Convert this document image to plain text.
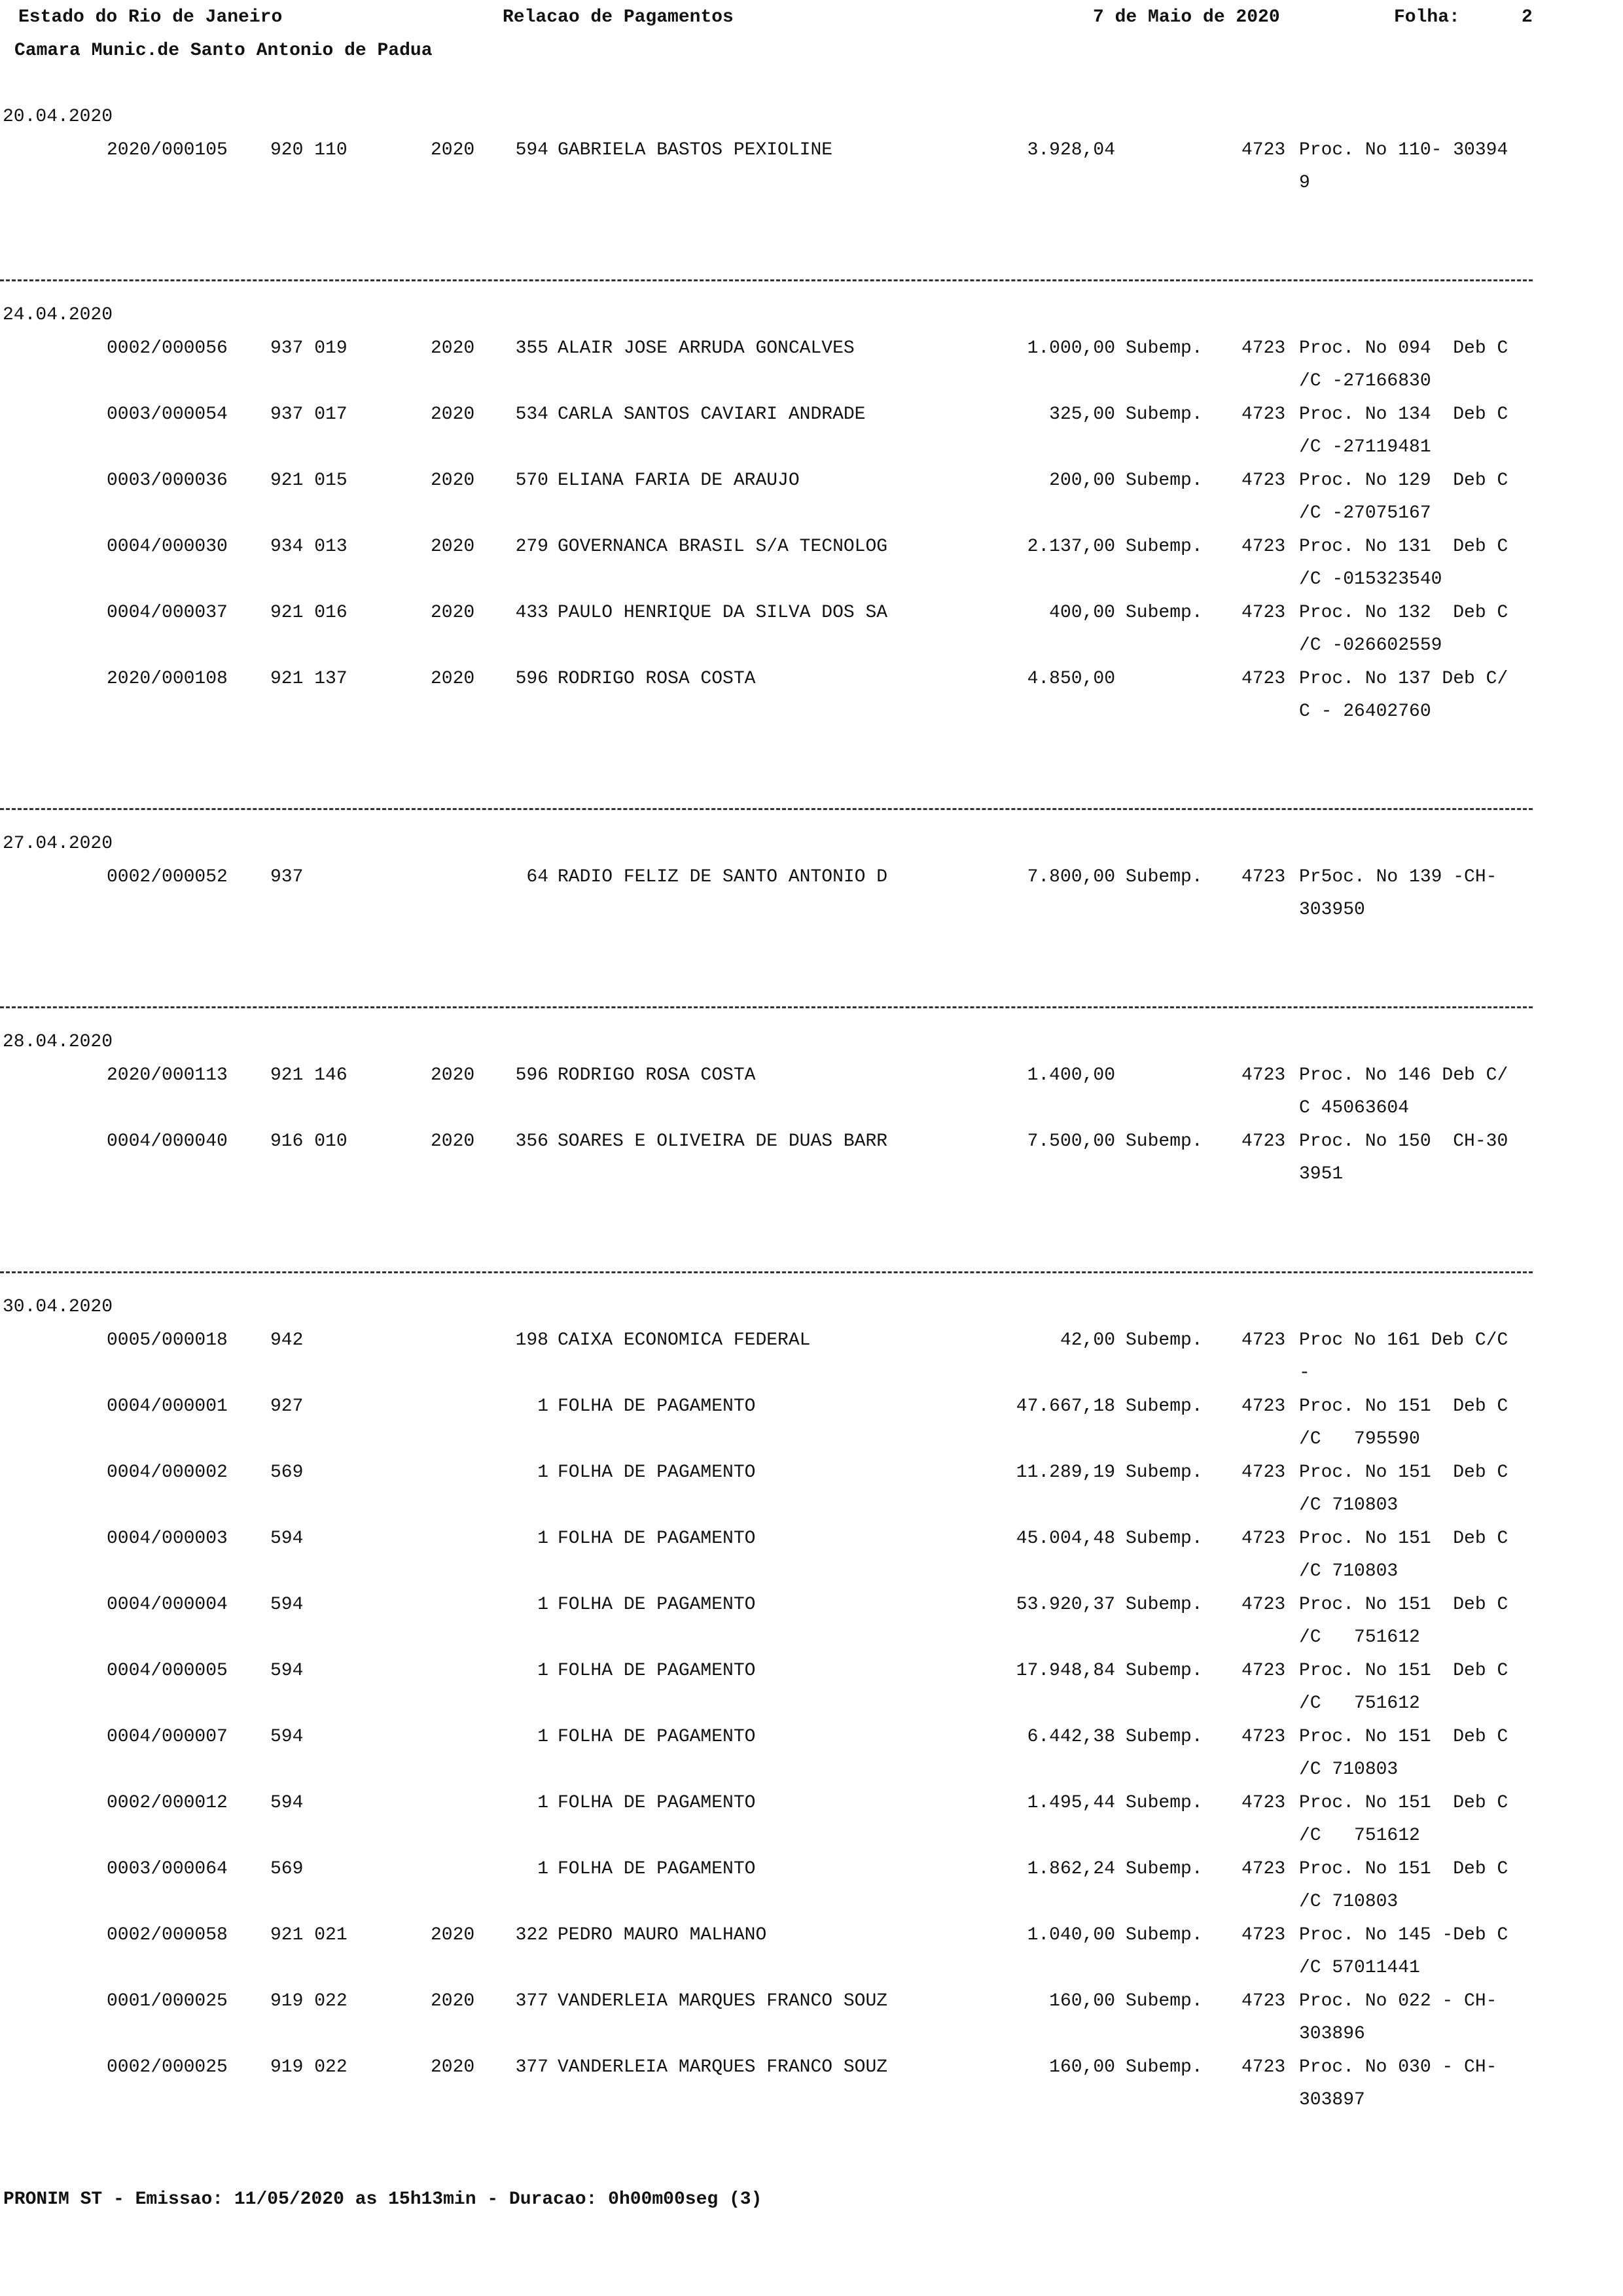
Estado do Rio de Janeiro	Relacao de Pagamentos	7 de Maio de 2020	Folha:	2
Camara Munic.de Santo Antonio de Padua
20.04.2020
2020/000105 920 110	2020 594 GABRIELA BASTOS PEXIOLINE	3.928,04	4723 Proc. No 110- 30394
9
24.04.2020
0002/000056 937 019	2020 355 ALAIR JOSE ARRUDA GONCALVES	1.000,00 Subemp. 4723 Proc. No 094  Deb C
/C -27166830
0003/000054 937 017	2020 534 CARLA SANTOS CAVIARI ANDRADE	325,00 Subemp. 4723 Proc. No 134  Deb C
/C -27119481
0003/000036 921 015	2020 570 ELIANA FARIA DE ARAUJO	200,00 Subemp. 4723 Proc. No 129  Deb C
/C -27075167
0004/000030 934 013	2020 279 GOVERNANCA BRASIL S/A TECNOLOG	2.137,00 Subemp. 4723 Proc. No 131  Deb C
/C -015323540
0004/000037 921 016	2020 433 PAULO HENRIQUE DA SILVA DOS SA	400,00 Subemp. 4723 Proc. No 132  Deb C
/C -026602559
2020/000108 921 137	2020 596 RODRIGO ROSA COSTA	4.850,00	4723 Proc. No 137 Deb C/
C - 26402760
27.04.2020
0002/000052 937	64 RADIO FELIZ DE SANTO ANTONIO D	7.800,00 Subemp. 4723 Pr5oc. No 139 -CH-
303950
28.04.2020
2020/000113 921 146	2020 596 RODRIGO ROSA COSTA	1.400,00	4723 Proc. No 146 Deb C/
C 45063604
0004/000040 916 010	2020 356 SOARES E OLIVEIRA DE DUAS BARR	7.500,00 Subemp. 4723 Proc. No 150  CH-30
3951
30.04.2020
0005/000018 942	198 CAIXA ECONOMICA FEDERAL	42,00 Subemp. 4723 Proc No 161 Deb C/C
-
0004/000001 927	1 FOLHA DE PAGAMENTO	47.667,18 Subemp. 4723 Proc. No 151  Deb C
/C   795590
0004/000002 569	1 FOLHA DE PAGAMENTO	11.289,19 Subemp. 4723 Proc. No 151  Deb C
/C 710803
0004/000003 594	1 FOLHA DE PAGAMENTO	45.004,48 Subemp. 4723 Proc. No 151  Deb C
/C 710803
0004/000004 594	1 FOLHA DE PAGAMENTO	53.920,37 Subemp. 4723 Proc. No 151  Deb C
/C   751612
0004/000005 594	1 FOLHA DE PAGAMENTO	17.948,84 Subemp. 4723 Proc. No 151  Deb C
/C   751612
0004/000007 594	1 FOLHA DE PAGAMENTO	6.442,38 Subemp. 4723 Proc. No 151  Deb C
/C 710803
0002/000012 594	1 FOLHA DE PAGAMENTO	1.495,44 Subemp. 4723 Proc. No 151  Deb C
/C   751612
0003/000064 569	1 FOLHA DE PAGAMENTO	1.862,24 Subemp. 4723 Proc. No 151  Deb C
/C 710803
0002/000058 921 021	2020 322 PEDRO MAURO MALHANO	1.040,00 Subemp. 4723 Proc. No 145 -Deb C
/C 57011441
0001/000025 919 022	2020 377 VANDERLEIA MARQUES FRANCO SOUZ	160,00 Subemp. 4723 Proc. No 022 - CH-
303896
0002/000025 919 022	2020 377 VANDERLEIA MARQUES FRANCO SOUZ	160,00 Subemp. 4723 Proc. No 030 - CH-
303897
PRONIM ST - Emissao: 11/05/2020 as 15h13min - Duracao: 0h00m00seg (3)
